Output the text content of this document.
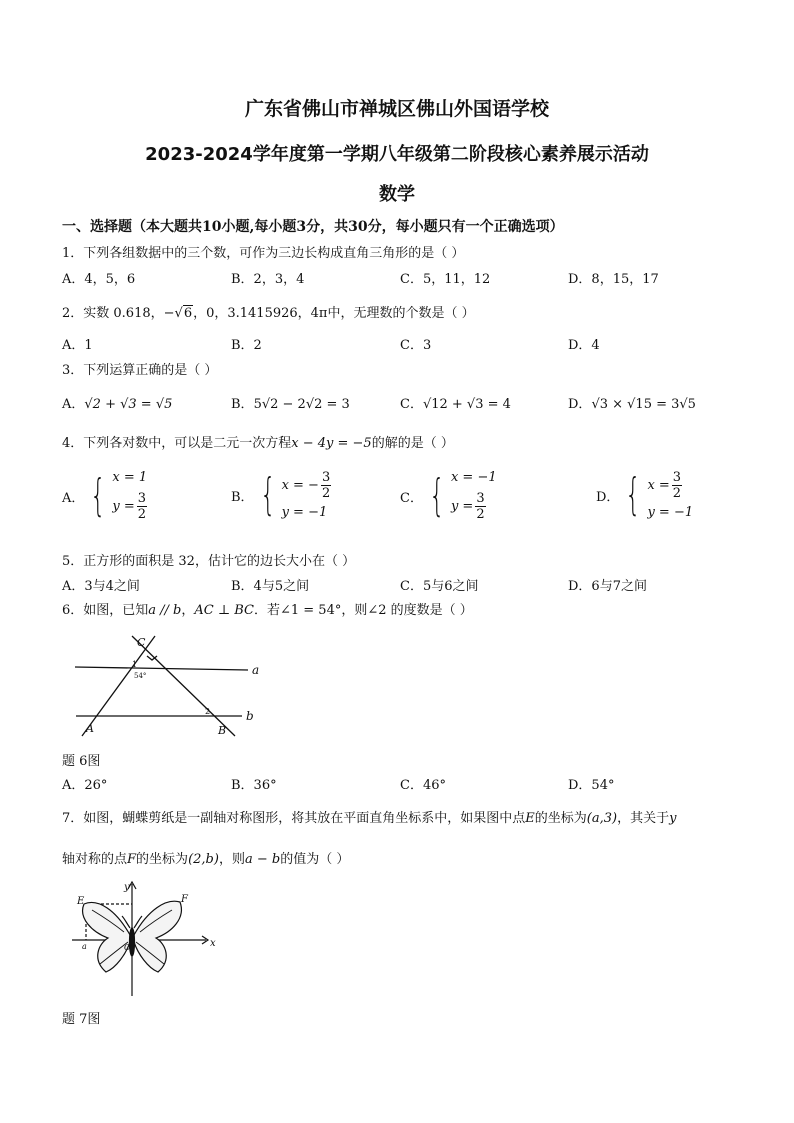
广东省佛山市禅城区佛山外国语学校
2023-2024学年度第一学期八年级第二阶段核心素养展示活动
数学
一、选择题（本大题共10小题,每小题3分，共30分，每小题只有一个正确选项）
1．下列各组数据中的三个数，可作为三边长构成直角三角形的是（ ）
A．4，5，6	B．2，3，4	C．5，11，12	D．8，15，17
2．实数 0.618，−√6，0，3.1415926，4π中，无理数的个数是（ ）
A．1	B．2	C．3	D．4
3．下列运算正确的是（ ）
A．√2 + √3 = √5	B．5√2 − 2√2 = 3	C．√12 + √3 = 4	D．√3 × √15 = 3√5
4．下列各对数中，可以是二元一次方程x − 4y = −5的解的是（ ）
A． { x = 1
$y = \frac{3}{2}$	B． { x = − $\frac{3}{2}$
y = −1
C． { x = −1
$y = \frac{3}{2}$	D． { $x = \frac{3}{2}$
y = −1
5．正方形的面积是 32，估计它的边长大小在（ ）
A．3与4之间	B．4与5之间	C．5与6之间	D．6与7之间
6．如图，已知a // b，AC ⊥ BC．若∠1 = 54°，则∠2 的度数是（ ）
C
a
b
A	B
1
54°
2
题 6图
A．26°	B．36°	C．46°	D．54°
7．如图，蝴蝶剪纸是一副轴对称图形，将其放在平面直角坐标系中，如果图中点E的坐标为(a,3)，其关于y
轴对称的点F的坐标为(2,b)，则a − b的值为（ ）
E	F
y
x
O
a
题 7图
